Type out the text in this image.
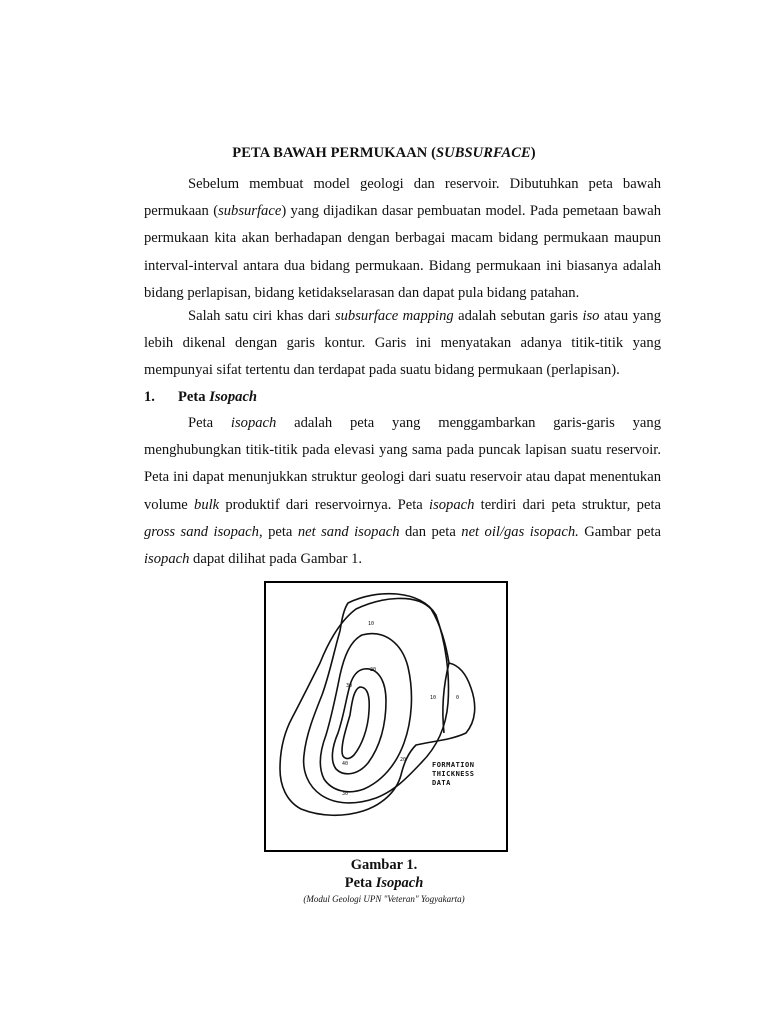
PETA BAWAH PERMUKAAN (SUBSURFACE)
Sebelum membuat model geologi dan reservoir. Dibutuhkan peta bawah permukaan (subsurface) yang dijadikan dasar pembuatan model. Pada pemetaan bawah permukaan kita akan berhadapan dengan berbagai macam bidang permukaan maupun interval-interval antara dua bidang permukaan. Bidang permukaan ini biasanya adalah bidang perlapisan, bidang ketidakselarasan dan dapat pula bidang patahan.
Salah satu ciri khas dari subsurface mapping adalah sebutan garis iso atau yang lebih dikenal dengan garis kontur. Garis ini menyatakan adanya titik-titik yang mempunyai sifat tertentu dan terdapat pada suatu bidang permukaan (perlapisan).
1. Peta Isopach
Peta isopach adalah peta yang menggambarkan garis-garis yang menghubungkan titik-titik pada elevasi yang sama pada puncak lapisan suatu reservoir. Peta ini dapat menunjukkan struktur geologi dari suatu reservoir atau dapat menentukan volume bulk produktif dari reservoirnya. Peta isopach terdiri dari peta struktur, peta gross sand isopach, peta net sand isopach dan peta net oil/gas isopach. Gambar peta isopach dapat dilihat pada Gambar 1.
10
20
30
40
30
20
10	0
FORMATION
THICKNESS
DATA
Gambar 1.
Peta Isopach
(Modul Geologi UPN "Veteran" Yogyakarta)
